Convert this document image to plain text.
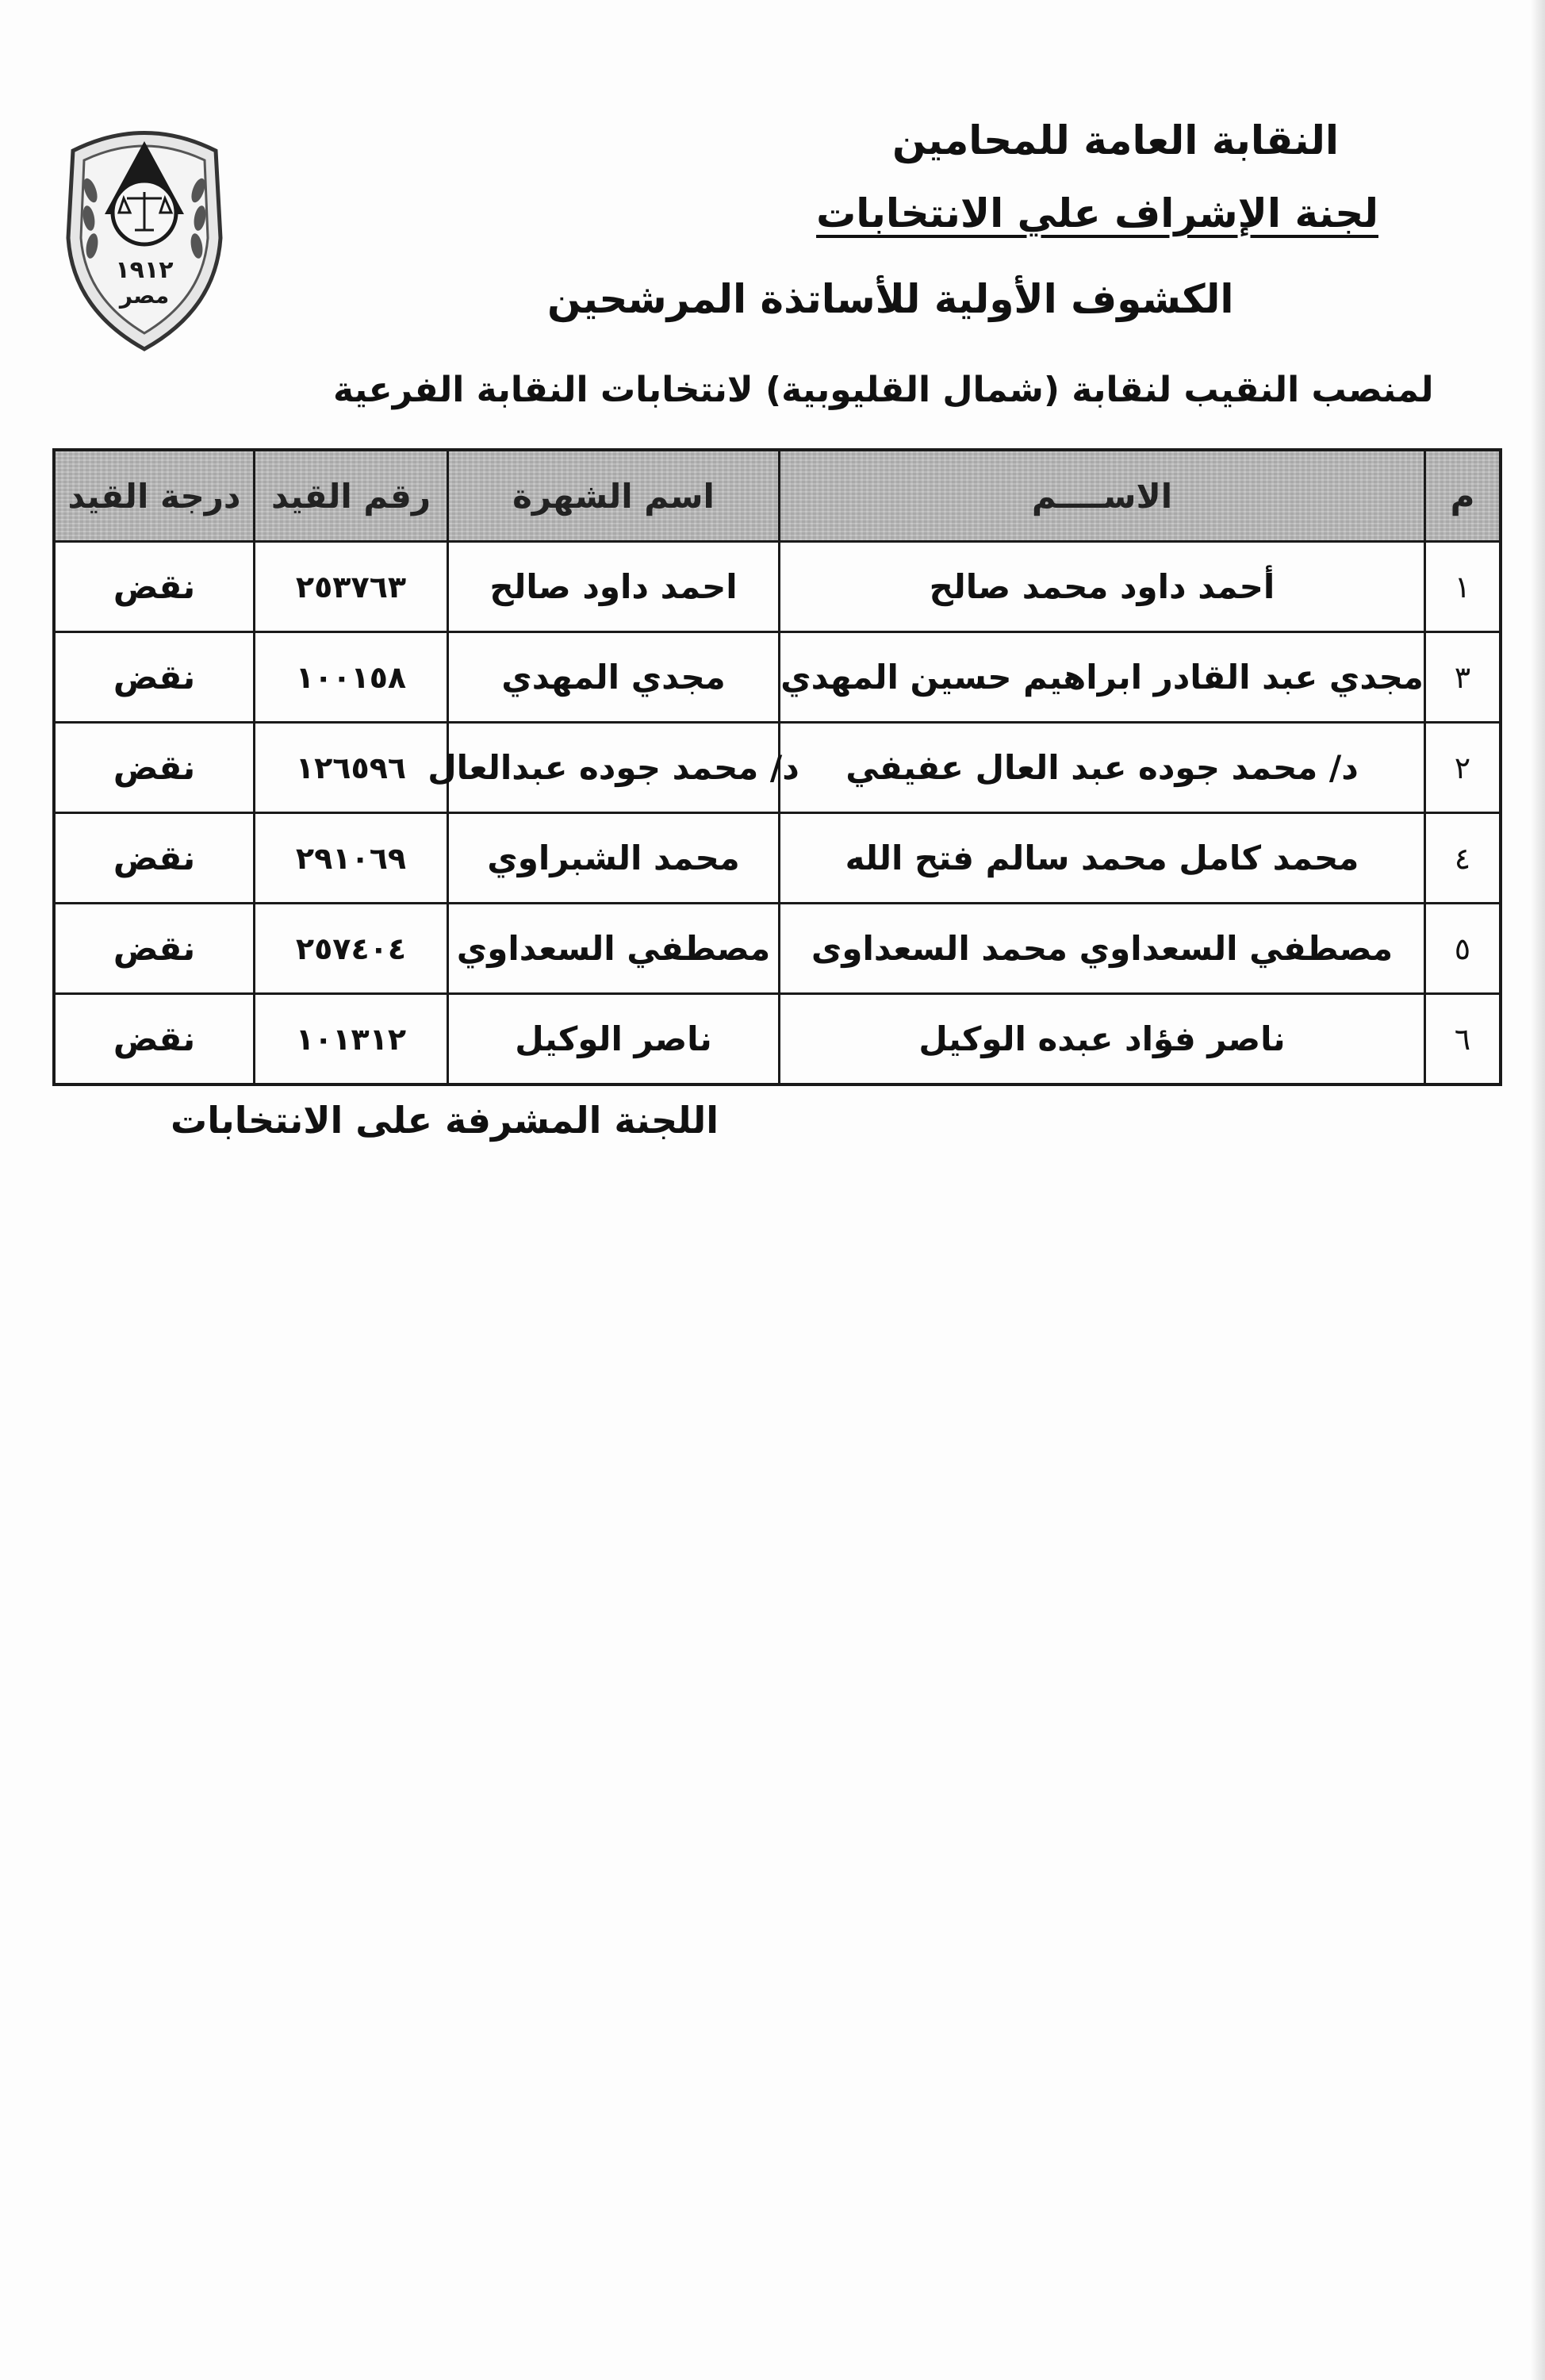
١٩١٢
مصر
النقابة العامة للمحامين
لجنة الإشراف علي الانتخابات
الكشوف الأولية للأساتذة المرشحين
لمنصب النقيب لنقابة (شمال القليوبية) لانتخابات النقابة الفرعية
م
الاســــم
اسم الشهرة
رقم القيد
درجة القيد
١
أحمد داود محمد صالح
احمد داود صالح
٢٥٣٧٦٣
نقض
٣
مجدي عبد القادر ابراهيم حسين المهدي
مجدي المهدي
١٠٠١٥٨
نقض
٢
د/ محمد جوده عبد العال عفيفي
د/ محمد جوده عبدالعال
١٢٦٥٩٦
نقض
٤
محمد كامل محمد سالم فتح الله
محمد الشبراوي
٢٩١٠٦٩
نقض
٥
مصطفي السعداوي محمد السعداوى
مصطفي السعداوي
٢٥٧٤٠٤
نقض
٦
ناصر فؤاد عبده الوكيل
ناصر الوكيل
١٠١٣١٢
نقض
اللجنة المشرفة على الانتخابات
